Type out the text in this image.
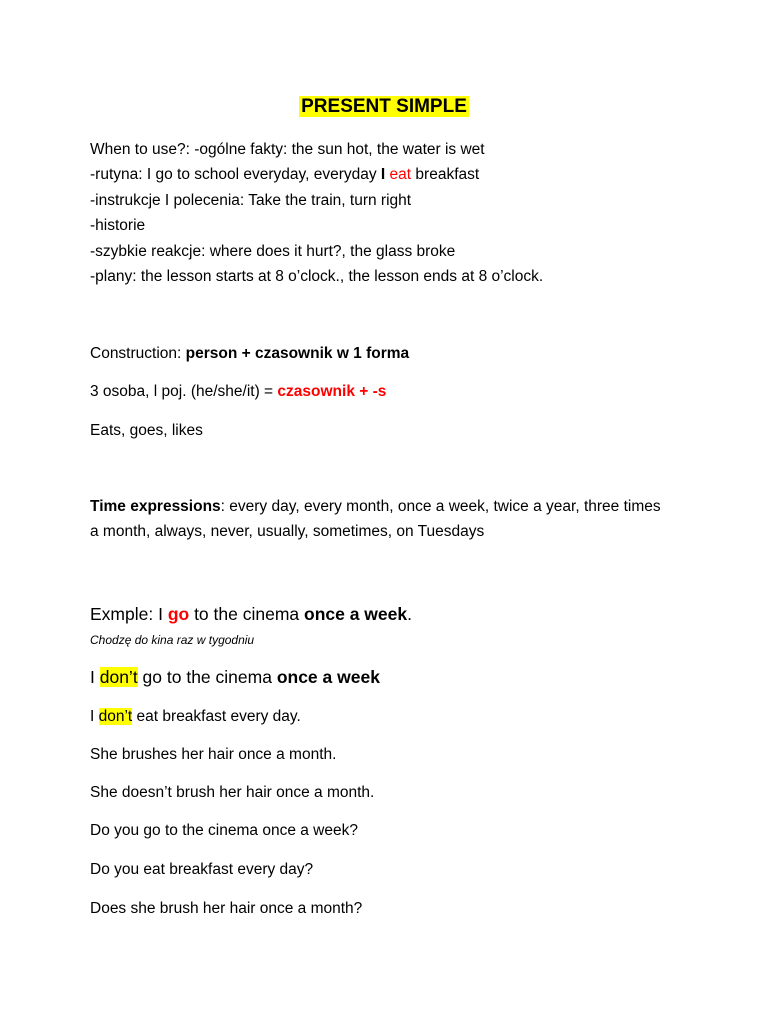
PRESENT SIMPLE
When to use?: -ogólne fakty: the sun hot, the water is wet
-rutyna: I go to school everyday, everyday I eat breakfast
-instrukcje I polecenia: Take the train, turn right
-historie
-szybkie reakcje: where does it hurt?, the glass broke
-plany: the lesson starts at 8 o’clock., the lesson ends at 8 o’clock.
Construction: person + czasownik w 1 forma
3 osoba, l poj. (he/she/it) = czasownik + -s
Eats, goes, likes
Time expressions: every day, every month, once a week, twice a year, three times
a month, always, never, usually, sometimes, on Tuesdays
Exmple: I go to the cinema once a week.
Chodzę do kina raz w tygodniu
I don’t go to the cinema once a week
I don’t eat breakfast every day.
She brushes her hair once a month.
She doesn’t brush her hair once a month.
Do you go to the cinema once a week?
Do you eat breakfast every day?
Does she brush her hair once a month?
